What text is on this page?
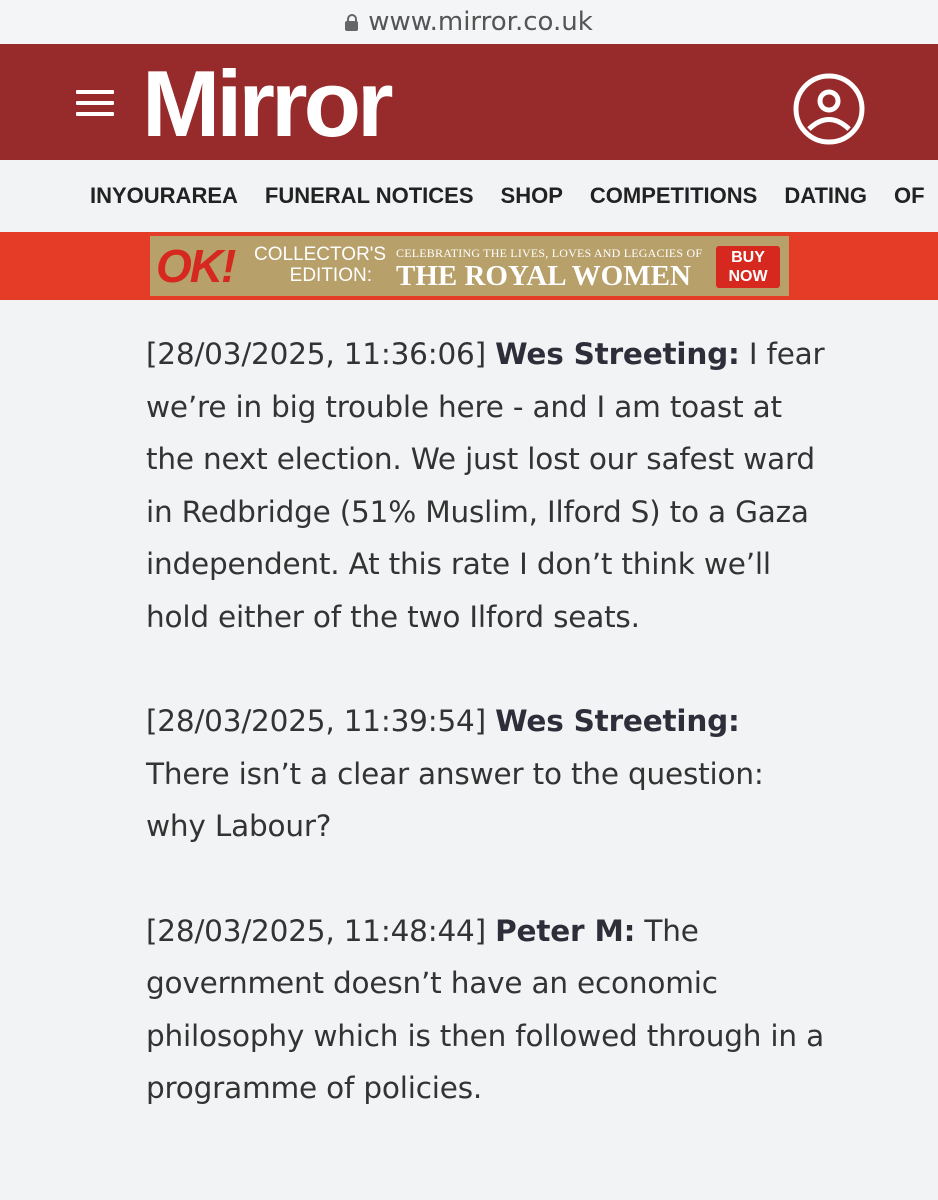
www.mirror.co.uk
Mirror
INYOURAREA FUNERAL NOTICES SHOP COMPETITIONS DATING OF
OK! COLLECTOR'S
EDITION:
CELEBRATING THE LIVES, LOVES AND LEGACIES OF
THE ROYAL WOMEN
BUY
NOW

[28/03/2025, 11:36:06] Wes Streeting: I fear we’re in big trouble here - and I am toast at the next election. We just lost our safest ward in Redbridge (51% Muslim, Ilford S) to a Gaza independent. At this rate I don’t think we’ll hold either of the two Ilford seats.

[28/03/2025, 11:39:54] Wes Streeting: There isn’t a clear answer to the question: why Labour?

[28/03/2025, 11:48:44] Peter M: The government doesn’t have an economic philosophy which is then followed through in a programme of policies.
